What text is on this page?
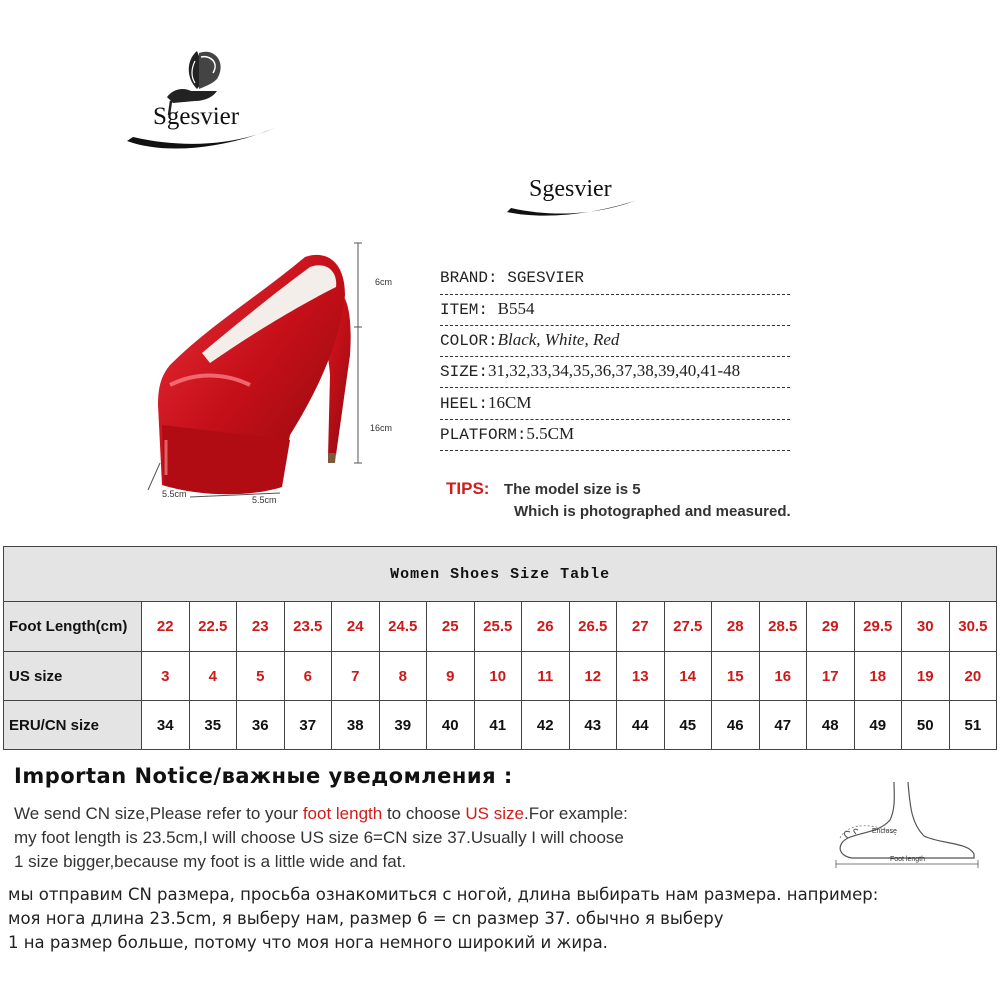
Sgesvier
Sgesvier
6cm
16cm
5.5cm
5.5cm
BRAND: SGESVIER
ITEM: B554
COLOR:Black, White, Red
SIZE:31,32,33,34,35,36,37,38,39,40,41-48
HEEL:16CM
PLATFORM:5.5CM
TIPS: The model size is 5
Which is photographed and measured.
Women Shoes Size Table																		
Foot Length(cm)	22	22.5	23	23.5	24	24.5	25	25.5	26	26.5	27	27.5	28	28.5	29	29.5	30	30.5
US size	3	4	5	6	7	8	9	10	11	12	13	14	15	16	17	18	19	20
ERU/CN size	34	35	36	37	38	39	40	41	42	43	44	45	46	47	48	49	50	51
Importan Notice/важные уведомления :
We send CN size,Please refer to your foot length to choose US size.For example:
my foot length is 23.5cm,I will choose US size 6=CN size 37.Usually I will choose
1 size bigger,because my foot is a little wide and fat.
мы отправим CN размера, просьба ознакомиться с ногой, длина выбирать нам размера. например:
моя нога длина 23.5cm, я выберу нам, размер 6 = cn размер 37. обычно я выберу
1 на размер больше, потому что моя нога немного широкий и жира.
Enclose
Foot length
